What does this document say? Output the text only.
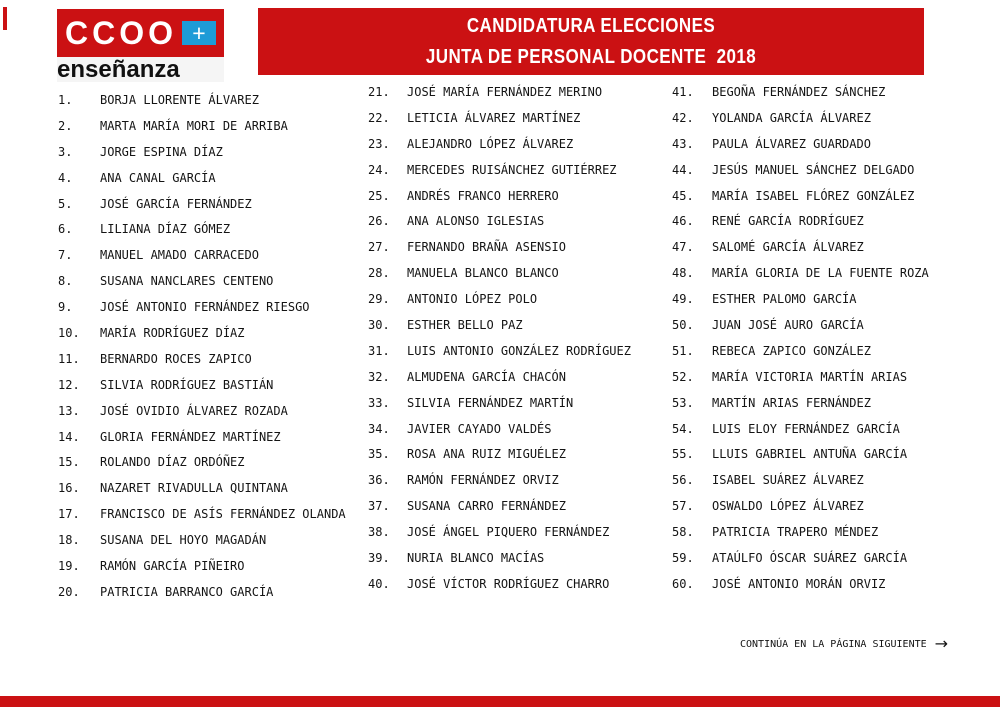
CCOO +
enseñanza
CANDIDATURA ELECCIONES
JUNTA DE PERSONAL DOCENTE  2018
1.	BORJA LLORENTE ÁLVAREZ
2.	MARTA MARÍA MORI DE ARRIBA
3.	JORGE ESPINA DÍAZ
4.	ANA CANAL GARCÍA
5.	JOSÉ GARCÍA FERNÁNDEZ
6.	LILIANA DÍAZ GÓMEZ
7.	MANUEL AMADO CARRACEDO
8.	SUSANA NANCLARES CENTENO
9.	JOSÉ ANTONIO FERNÁNDEZ RIESGO
10.	MARÍA RODRÍGUEZ DÍAZ
11.	BERNARDO ROCES ZAPICO
12.	SILVIA RODRÍGUEZ BASTIÁN
13.	JOSÉ OVIDIO ÁLVAREZ ROZADA
14.	GLORIA FERNÁNDEZ MARTÍNEZ
15.	ROLANDO DÍAZ ORDÓÑEZ
16.	NAZARET RIVADULLA QUINTANA
17.	FRANCISCO DE ASÍS FERNÁNDEZ OLANDA
18.	SUSANA DEL HOYO MAGADÁN
19.	RAMÓN GARCÍA PIÑEIRO
20.	PATRICIA BARRANCO GARCÍA
21.	JOSÉ MARÍA FERNÁNDEZ MERINO
22.	LETICIA ÁLVAREZ MARTÍNEZ
23.	ALEJANDRO LÓPEZ ÁLVAREZ
24.	MERCEDES RUISÁNCHEZ GUTIÉRREZ
25.	ANDRÉS FRANCO HERRERO
26.	ANA ALONSO IGLESIAS
27.	FERNANDO BRAÑA ASENSIO
28.	MANUELA BLANCO BLANCO
29.	ANTONIO LÓPEZ POLO
30.	ESTHER BELLO PAZ
31.	LUIS ANTONIO GONZÁLEZ RODRÍGUEZ
32.	ALMUDENA GARCÍA CHACÓN
33.	SILVIA FERNÁNDEZ MARTÍN
34.	JAVIER CAYADO VALDÉS
35.	ROSA ANA RUIZ MIGUÉLEZ
36.	RAMÓN FERNÁNDEZ ORVIZ
37.	SUSANA CARRO FERNÁNDEZ
38.	JOSÉ ÁNGEL PIQUERO FERNÁNDEZ
39.	NURIA BLANCO MACÍAS
40.	JOSÉ VÍCTOR RODRÍGUEZ CHARRO
41.	BEGOÑA FERNÁNDEZ SÁNCHEZ
42.	YOLANDA GARCÍA ÁLVAREZ
43.	PAULA ÁLVAREZ GUARDADO
44.	JESÚS MANUEL SÁNCHEZ DELGADO
45.	MARÍA ISABEL FLÓREZ GONZÁLEZ
46.	RENÉ GARCÍA RODRÍGUEZ
47.	SALOMÉ GARCÍA ÁLVAREZ
48.	MARÍA GLORIA DE LA FUENTE ROZA
49.	ESTHER PALOMO GARCÍA
50.	JUAN JOSÉ AURO GARCÍA
51.	REBECA ZAPICO GONZÁLEZ
52.	MARÍA VICTORIA MARTÍN ARIAS
53.	MARTÍN ARIAS FERNÁNDEZ
54.	LUIS ELOY FERNÁNDEZ GARCÍA
55.	LLUIS GABRIEL ANTUÑA GARCÍA
56.	ISABEL SUÁREZ ÁLVAREZ
57.	OSWALDO LÓPEZ ÁLVAREZ
58.	PATRICIA TRAPERO MÉNDEZ
59.	ATAÚLFO ÓSCAR SUÁREZ GARCÍA
60.	JOSÉ ANTONIO MORÁN ORVIZ
CONTINÚA EN LA PÁGINA SIGUIENTE →
